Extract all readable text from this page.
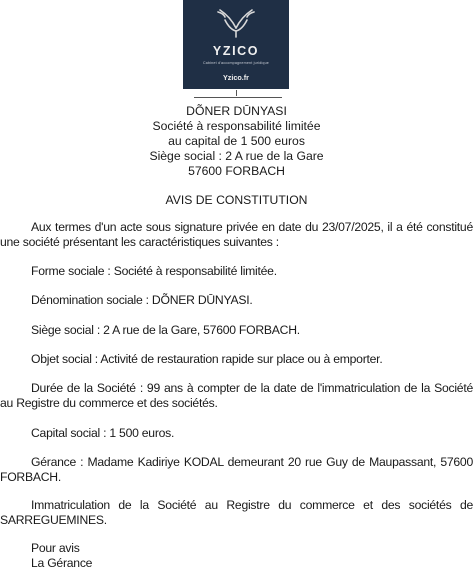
YZICO
Cabinet d'accompagnement juridique
Yzico.fr
DÕNER DŪNYASI
Société à responsabilité limitée
au capital de 1 500 euros
Siège social : 2 A rue de la Gare
57600 FORBACH
AVIS DE CONSTITUTION
Aux termes d'un acte sous signature privée en date du 23/07/2025, il a été constitué
une société présentant les caractéristiques suivantes :
Forme sociale : Société à responsabilité limitée.
Dénomination sociale : DÕNER DŪNYASI.
Siège social : 2 A rue de la Gare, 57600 FORBACH.
Objet social : Activité de restauration rapide sur place ou à emporter.
Durée de la Société : 99 ans à compter de la date de l'immatriculation de la Société
au Registre du commerce et des sociétés.
Capital social : 1 500 euros.
Gérance : Madame Kadiriye KODAL demeurant 20 rue Guy de Maupassant, 57600
FORBACH.
Immatriculation de la Société au Registre du commerce et des sociétés de
SARREGUEMINES.
Pour avis
La Gérance
